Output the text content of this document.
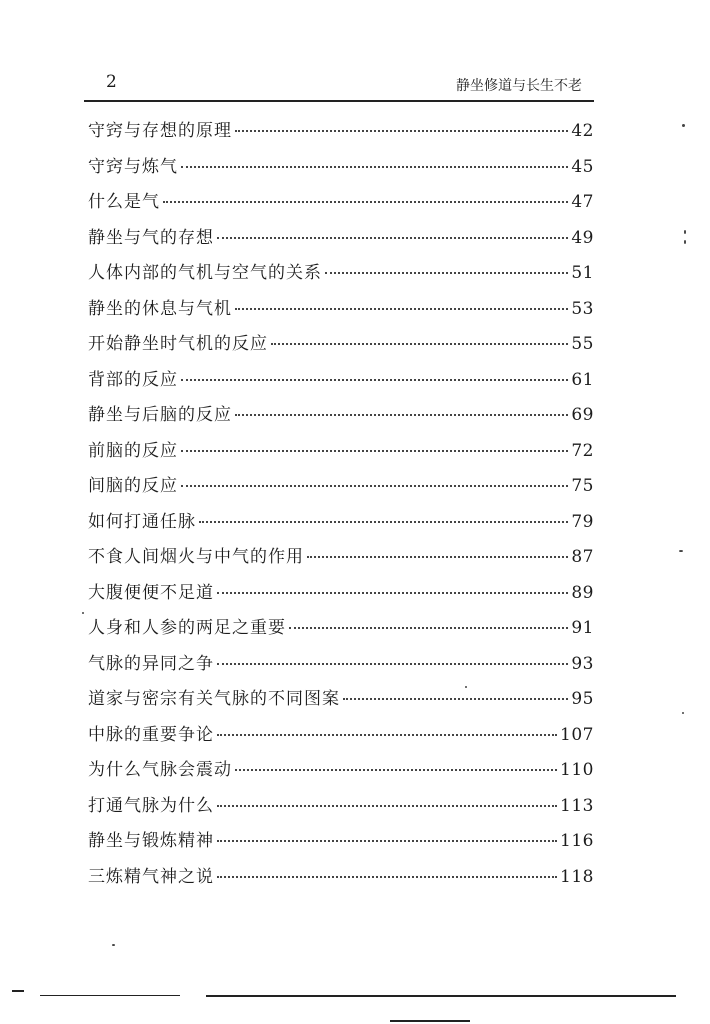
2	静坐修道与长生不老
守窍与存想的原理	42
守窍与炼气	45
什么是气	47
静坐与气的存想	49
人体内部的气机与空气的关系	51
静坐的休息与气机	53
开始静坐时气机的反应	55
背部的反应	61
静坐与后脑的反应	69
前脑的反应	72
间脑的反应	75
如何打通任脉	79
不食人间烟火与中气的作用	87
大腹便便不足道	89
人身和人参的两足之重要	91
气脉的异同之争	93
道家与密宗有关气脉的不同图案	95
中脉的重要争论	107
为什么气脉会震动	110
打通气脉为什么	113
静坐与锻炼精神	116
三炼精气神之说	118
